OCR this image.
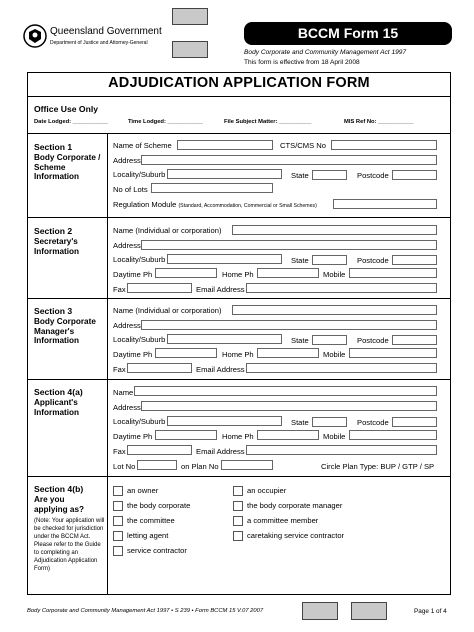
Queensland Government
Department of Justice and Attorney-General
BCCM Form 15
Body Corporate and Community Management Act 1997
This form is effective from 18 April 2008
ADJUDICATION APPLICATION FORM
Office Use Only
Date Lodged: ___________	Time Lodged: ___________	File Subject Matter: __________	MIS Ref No: ___________
Section 1
Body Corporate / Scheme Information
Name of Scheme	CTS/CMS No
Address
Locality/Suburb	State	Postcode
No of Lots
Regulation Module (Standard, Accommodation, Commercial or Small Schemes)
Section 2
Secretary's Information
Name (Individual or corporation)
Address
Locality/Suburb	State	Postcode
Daytime Ph	Home Ph	Mobile
Fax	Email Address
Section 3
Body Corporate Manager's Information
Name (Individual or corporation)
Address
Locality/Suburb	State	Postcode
Daytime Ph	Home Ph	Mobile
Fax	Email Address
Section 4(a)
Applicant's Information
Name
Address
Locality/Suburb	State	Postcode
Daytime Ph	Home Ph	Mobile
Fax	Email Address
Lot No	on Plan No	Circle Plan Type: BUP / GTP / SP
Section 4(b)
Are you applying as?
(Note: Your application will be checked for jurisdiction under the BCCM Act. Please refer to the Guide to completing an Adjudication Application Form)
an owner
the body corporate
the committee
letting agent
service contractor
an occupier
the body corporate manager
a committee member
caretaking service contractor
Body Corporate and Community Management Act 1997 • S 239 • Form BCCM 15 V.07 2007	Page 1 of 4
